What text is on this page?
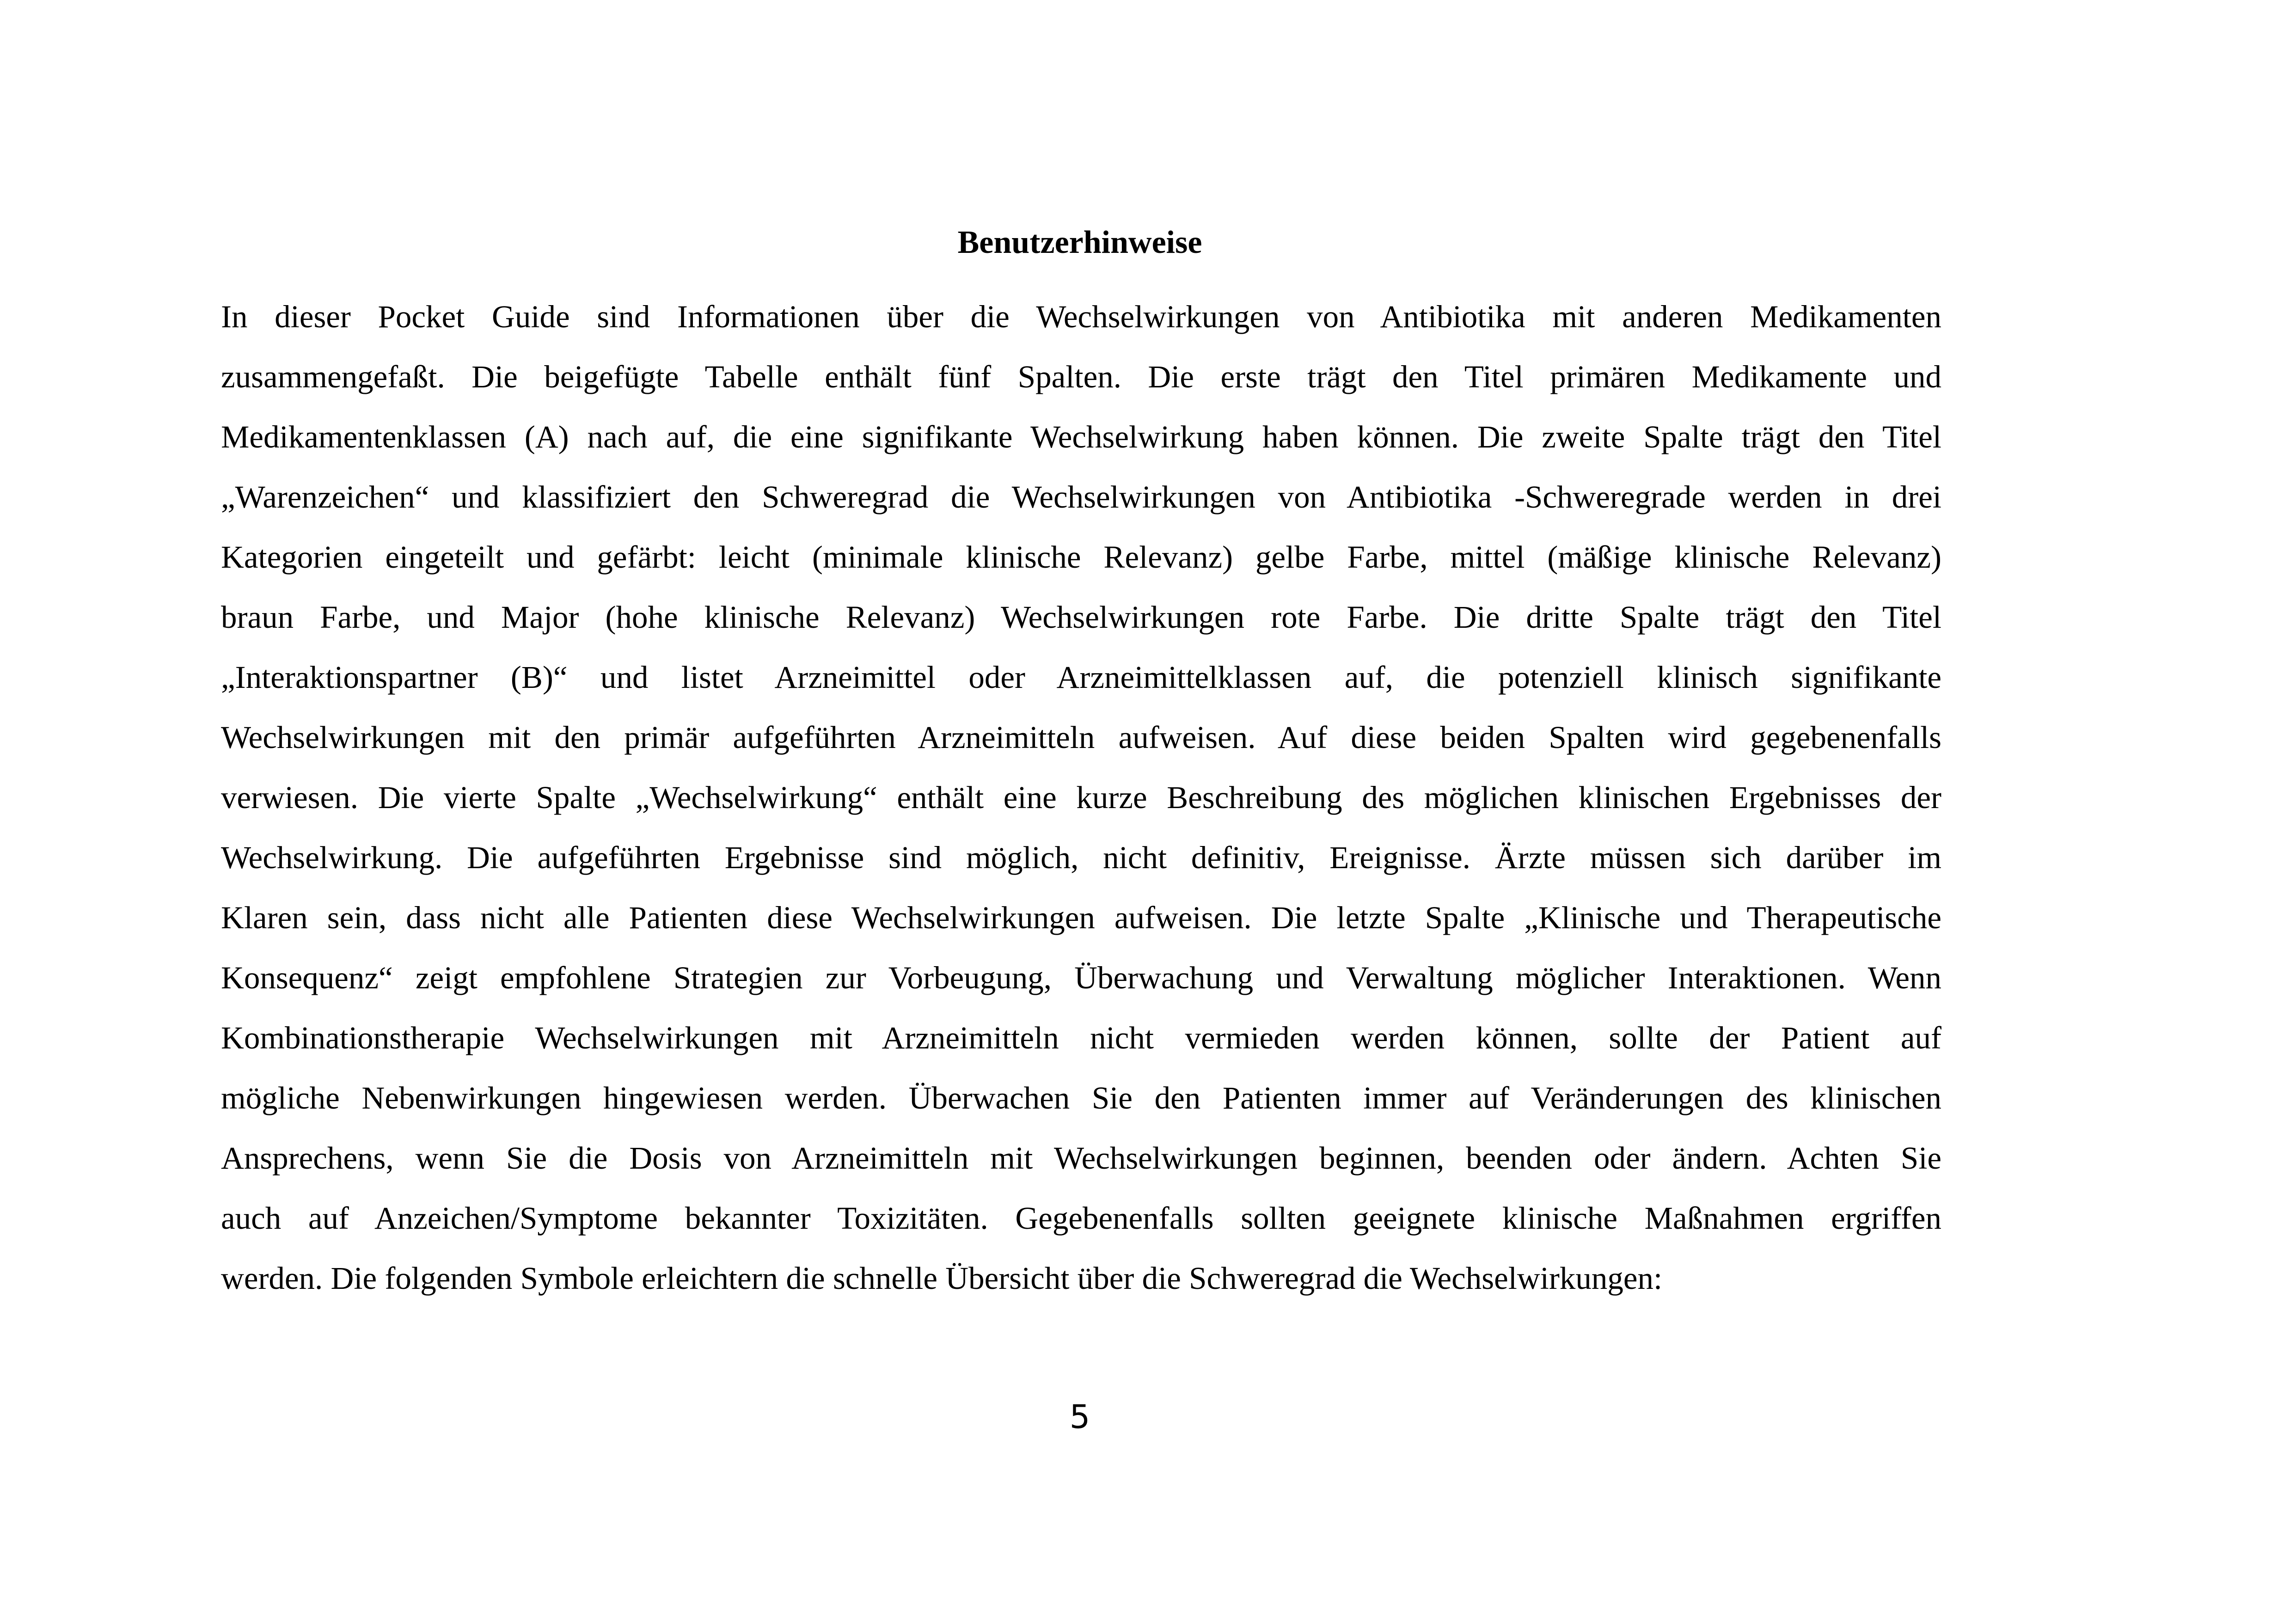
Benutzerhinweise
In dieser Pocket Guide sind Informationen über die Wechselwirkungen von Antibiotika mit anderen Medikamenten
zusammengefaßt. Die beigefügte Tabelle enthält fünf Spalten. Die erste trägt den Titel primären Medikamente und
Medikamentenklassen (A) nach auf, die eine signifikante Wechselwirkung haben können. Die zweite Spalte trägt den Titel
„Warenzeichen“ und klassifiziert den Schweregrad die Wechselwirkungen von Antibiotika -Schweregrade werden in drei
Kategorien eingeteilt und gefärbt: leicht (minimale klinische Relevanz) gelbe Farbe, mittel (mäßige klinische Relevanz)
braun Farbe, und Major (hohe klinische Relevanz) Wechselwirkungen rote Farbe. Die dritte Spalte trägt den Titel
„Interaktionspartner (B)“ und listet Arzneimittel oder Arzneimittelklassen auf, die potenziell klinisch signifikante
Wechselwirkungen mit den primär aufgeführten Arzneimitteln aufweisen. Auf diese beiden Spalten wird gegebenenfalls
verwiesen. Die vierte Spalte „Wechselwirkung“ enthält eine kurze Beschreibung des möglichen klinischen Ergebnisses der
Wechselwirkung. Die aufgeführten Ergebnisse sind möglich, nicht definitiv, Ereignisse. Ärzte müssen sich darüber im
Klaren sein, dass nicht alle Patienten diese Wechselwirkungen aufweisen. Die letzte Spalte „Klinische und Therapeutische
Konsequenz“ zeigt empfohlene Strategien zur Vorbeugung, Überwachung und Verwaltung möglicher Interaktionen. Wenn
Kombinationstherapie Wechselwirkungen mit Arzneimitteln nicht vermieden werden können, sollte der Patient auf
mögliche Nebenwirkungen hingewiesen werden. Überwachen Sie den Patienten immer auf Veränderungen des klinischen
Ansprechens, wenn Sie die Dosis von Arzneimitteln mit Wechselwirkungen beginnen, beenden oder ändern. Achten Sie
auch auf Anzeichen/Symptome bekannter Toxizitäten. Gegebenenfalls sollten geeignete klinische Maßnahmen ergriffen
werden. Die folgenden Symbole erleichtern die schnelle Übersicht über die Schweregrad die Wechselwirkungen:
5
